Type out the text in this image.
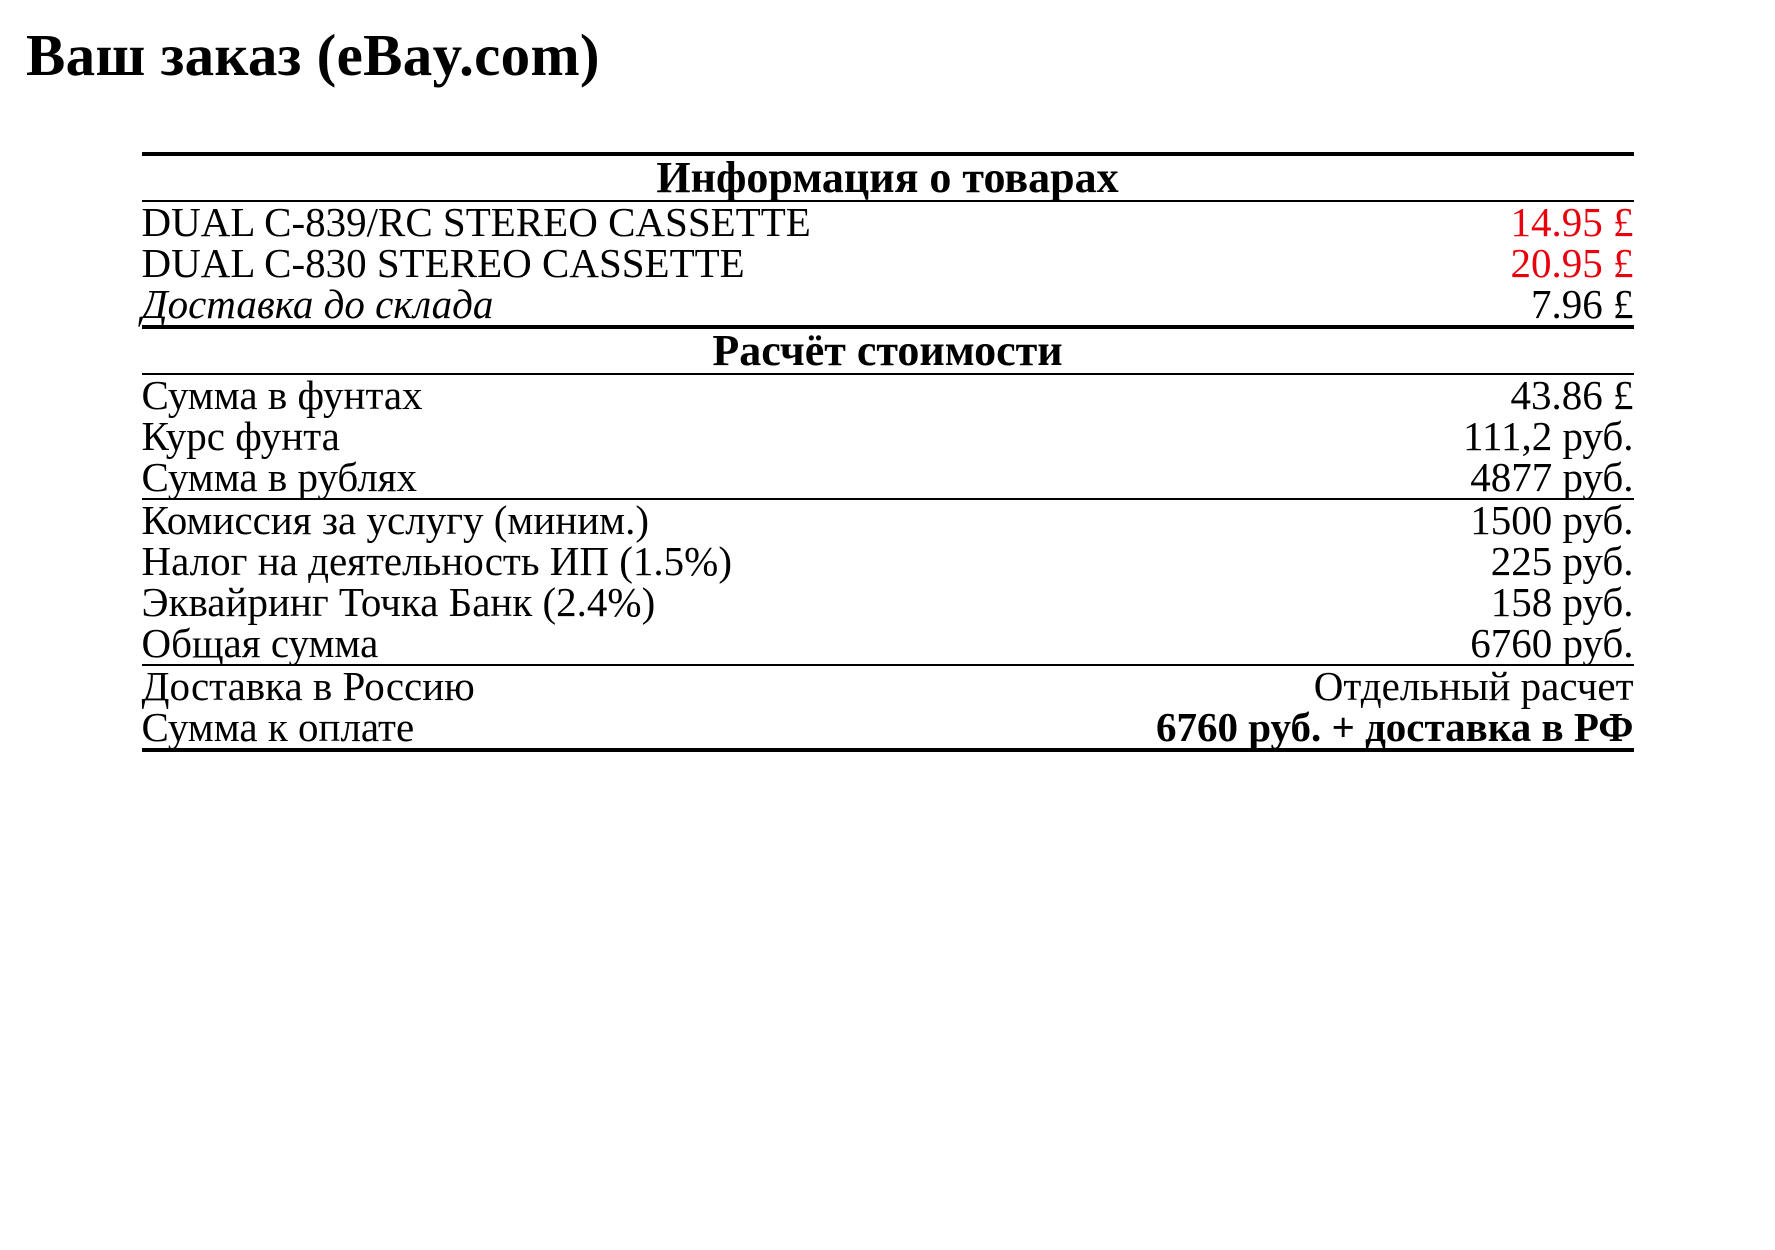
Ваш заказ (eBay.com)
Информация о товарах	
DUAL C-839/RC STEREO CASSETTE	14.95 £
DUAL C-830 STEREO CASSETTE	20.95 £
Доставка до склада	7.96 £
Расчёт стоимости	
Сумма в фунтах	43.86 £
Курс фунта	111,2 руб.
Сумма в рублях	4877 руб.
Комиссия за услугу (миним.)	1500 руб.
Налог на деятельность ИП (1.5%)	225 руб.
Эквайринг Точка Банк (2.4%)	158 руб.
Общая сумма	6760 руб.
Доставка в Россию	Отдельный расчет
Сумма к оплате	6760 руб. + доставка в РФ
